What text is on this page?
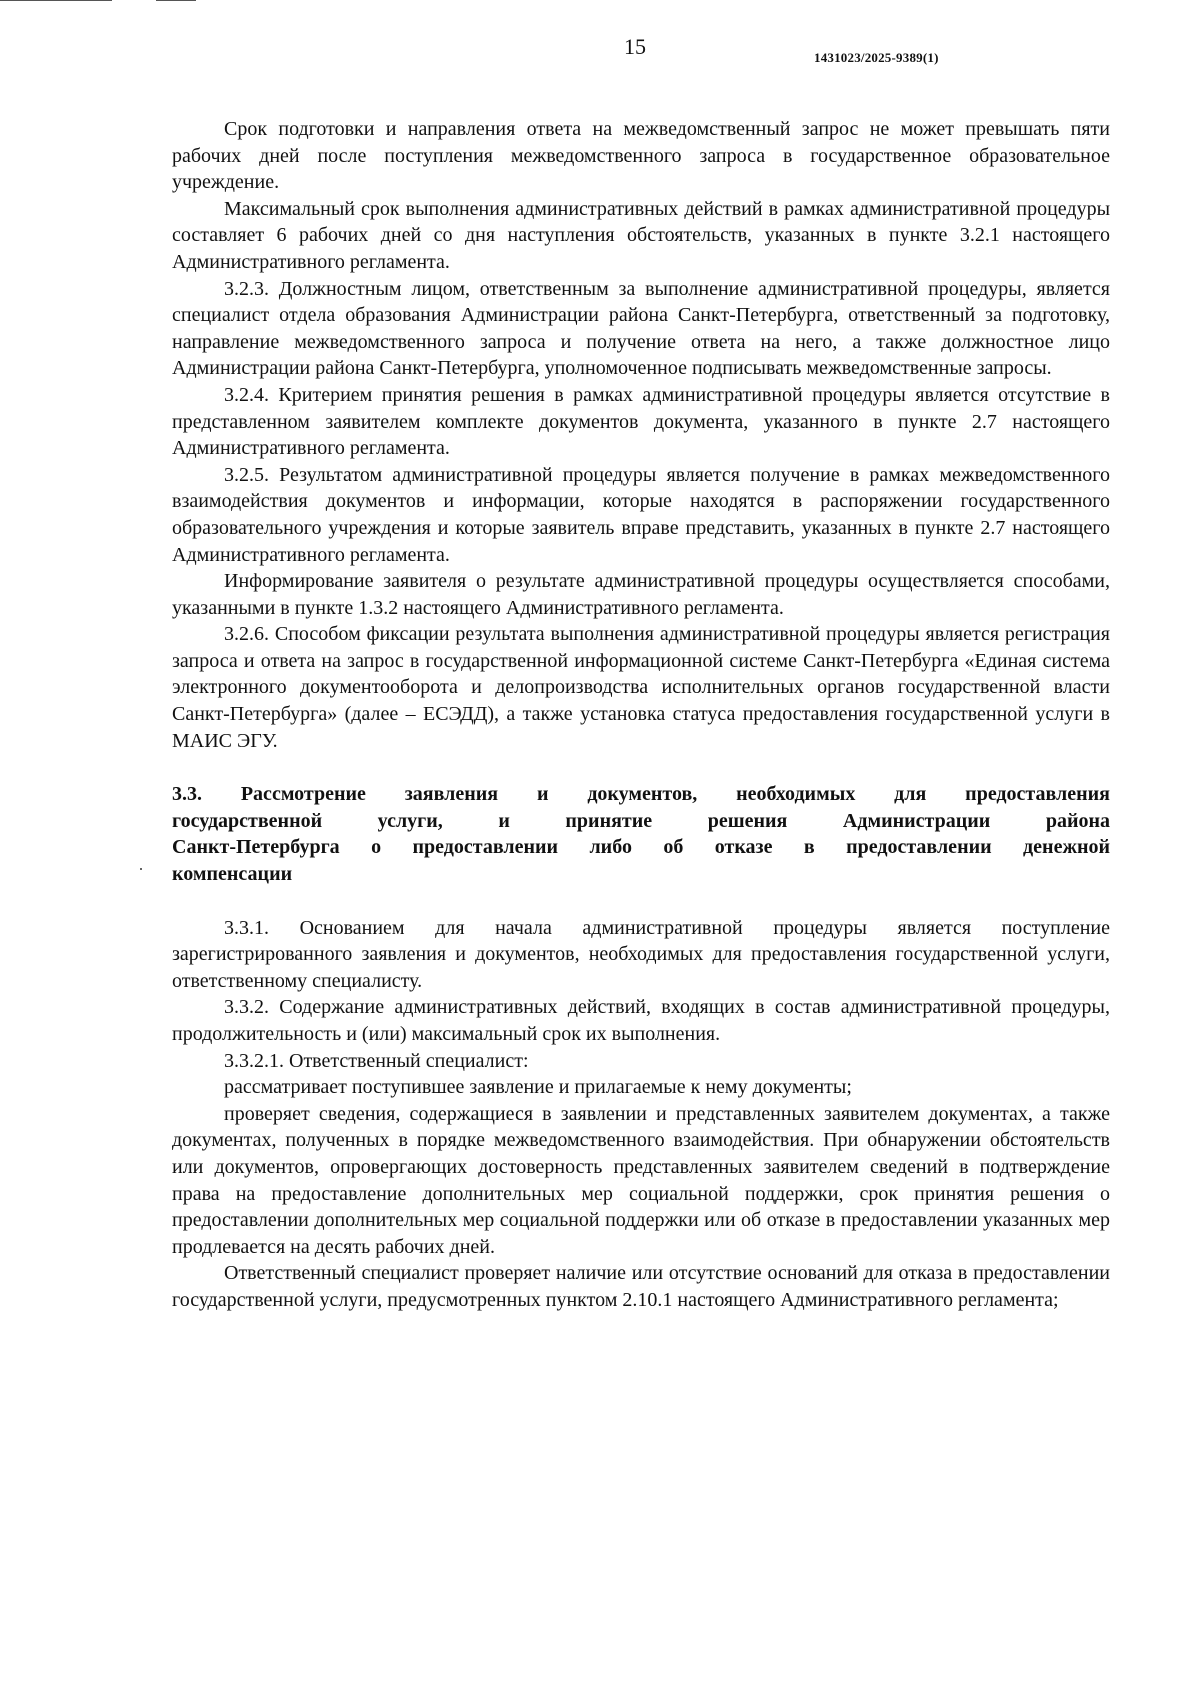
15	1431023/2025-9389(1)

Срок подготовки и направления ответа на межведомственный запрос не может превышать пяти рабочих дней после поступления межведомственного запроса в государственное образовательное учреждение.

Максимальный срок выполнения административных действий в рамках административной процедуры составляет 6 рабочих дней со дня наступления обстоятельств, указанных в пункте 3.2.1 настоящего Административного регламента.

3.2.3. Должностным лицом, ответственным за выполнение административной процедуры, является специалист отдела образования Администрации района Санкт-Петербурга, ответственный за подготовку, направление межведомственного запроса и получение ответа на него, а также должностное лицо Администрации района Санкт-Петербурга, уполномоченное подписывать межведомственные запросы.

3.2.4. Критерием принятия решения в рамках административной процедуры является отсутствие в представленном заявителем комплекте документов документа, указанного в пункте 2.7 настоящего Административного регламента.

3.2.5. Результатом административной процедуры является получение в рамках межведомственного взаимодействия документов и информации, которые находятся в распоряжении государственного образовательного учреждения и которые заявитель вправе представить, указанных в пункте 2.7 настоящего Административного регламента.

Информирование заявителя о результате административной процедуры осуществляется способами, указанными в пункте 1.3.2 настоящего Административного регламента.

3.2.6. Способом фиксации результата выполнения административной процедуры является регистрация запроса и ответа на запрос в государственной информационной системе Санкт-Петербурга «Единая система электронного документооборота и делопроизводства исполнительных органов государственной власти Санкт-Петербурга» (далее – ЕСЭДД), а также установка статуса предоставления государственной услуги в МАИС ЭГУ.

3.3. Рассмотрение заявления и документов, необходимых для предоставления
государственной услуги, и принятие решения Администрации района
Санкт-Петербурга о предоставлении либо об отказе в предоставлении денежной
компенсации

3.3.1. Основанием для начала административной процедуры является поступление зарегистрированного заявления и документов, необходимых для предоставления государственной услуги, ответственному специалисту.

3.3.2. Содержание административных действий, входящих в состав административной процедуры, продолжительность и (или) максимальный срок их выполнения.

3.3.2.1. Ответственный специалист:

рассматривает поступившее заявление и прилагаемые к нему документы;

проверяет сведения, содержащиеся в заявлении и представленных заявителем документах, а также документах, полученных в порядке межведомственного взаимодействия. При обнаружении обстоятельств или документов, опровергающих достоверность представленных заявителем сведений в подтверждение права на предоставление дополнительных мер социальной поддержки, срок принятия решения о предоставлении дополнительных мер социальной поддержки или об отказе в предоставлении указанных мер продлевается на десять рабочих дней.

Ответственный специалист проверяет наличие или отсутствие оснований для отказа в предоставлении государственной услуги, предусмотренных пунктом 2.10.1 настоящего Административного регламента;
